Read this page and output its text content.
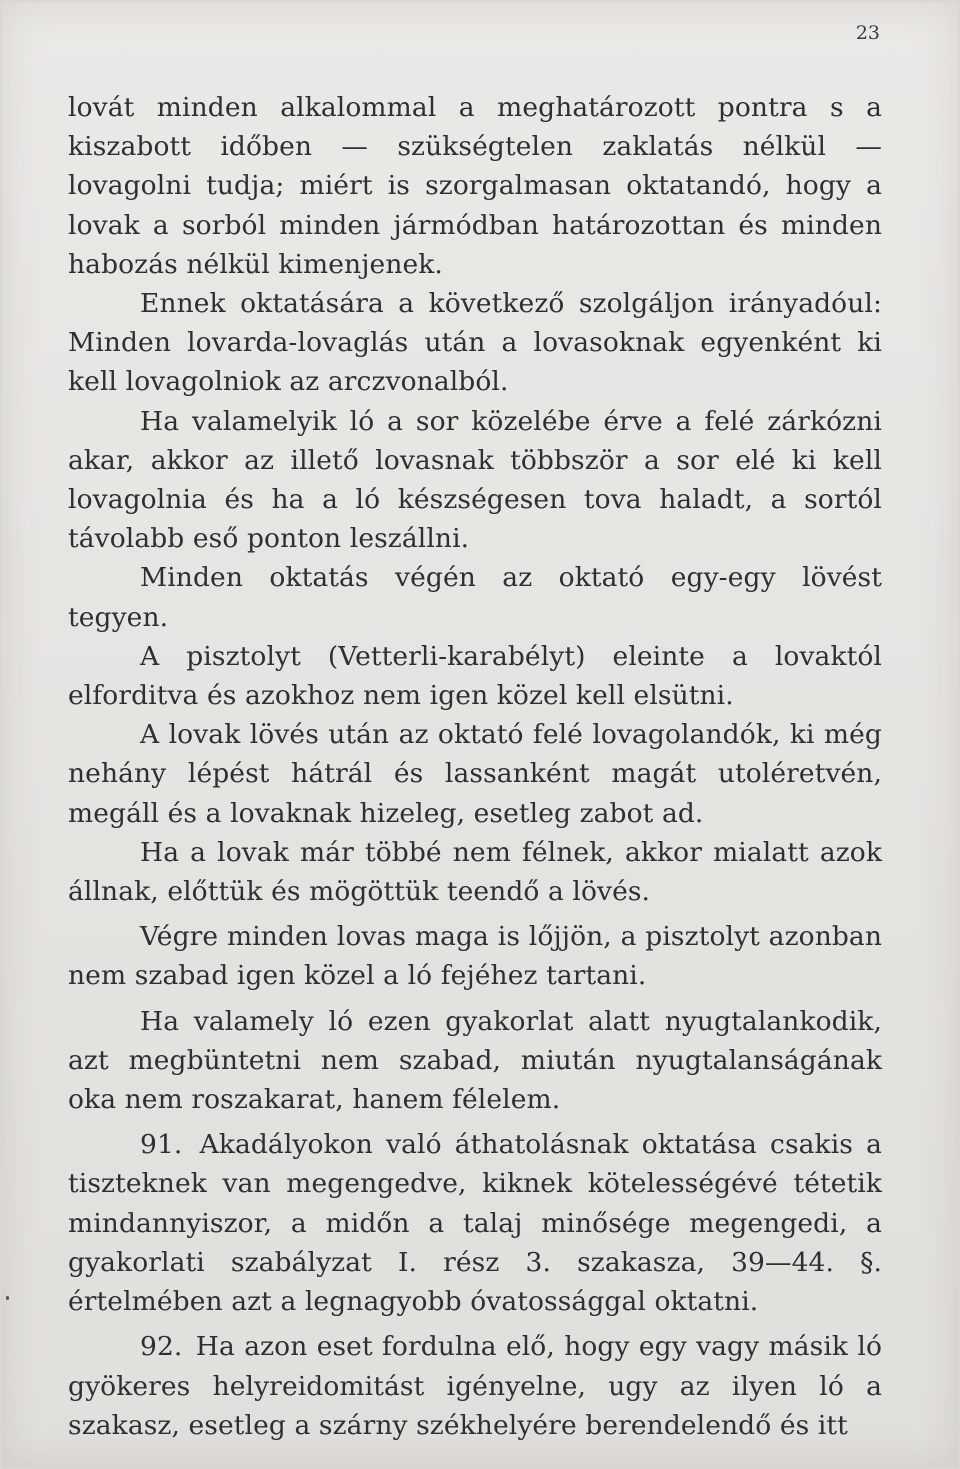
23

lovát minden alkalommal a meghatározott pontra s a kiszabott időben — szükségtelen zaklatás nélkül — lovagolni tudja; miért is szorgalmasan oktatandó, hogy a lovak a sorból minden jármódban határozottan és minden habozás nélkül kimenjenek.

Ennek oktatására a következő szolgáljon irányadóul: Minden lovarda-lovaglás után a lovasoknak egyenként ki kell lovagolniok az arczvonalból.

Ha valamelyik ló a sor közelébe érve a felé zárkózni akar, akkor az illető lovasnak többször a sor elé ki kell lovagolnia és ha a ló készségesen tova haladt, a sortól távolabb eső ponton leszállni.

Minden oktatás végén az oktató egy-egy lövést tegyen.

A pisztolyt (Vetterli-karabélyt) eleinte a lovaktól elforditva és azokhoz nem igen közel kell elsütni.

A lovak lövés után az oktató felé lovagolandók, ki még nehány lépést hátrál és lassanként magát utoléretvén, megáll és a lovaknak hizeleg, esetleg zabot ad.

Ha a lovak már többé nem félnek, akkor mialatt azok állnak, előttük és mögöttük teendő a lövés.

Végre minden lovas maga is lőjjön, a pisztolyt azonban nem szabad igen közel a ló fejéhez tartani.

Ha valamely ló ezen gyakorlat alatt nyugtalankodik, azt megbüntetni nem szabad, miután nyugtalanságának oka nem roszakarat, hanem félelem.

91. Akadályokon való áthatolásnak oktatása csakis a tiszteknek van megengedve, kiknek kötelességévé tétetik mindannyiszor, a midőn a talaj minősége megengedi, a gyakorlati szabályzat I. rész 3. szakasza, 39—44. §. értelmében azt a legnagyobb óvatossággal oktatni.

92. Ha azon eset fordulna elő, hogy egy vagy másik ló gyökeres helyreidomitást igényelne, ugy az ilyen ló a szakasz, esetleg a szárny székhelyére berendelendő és itt
